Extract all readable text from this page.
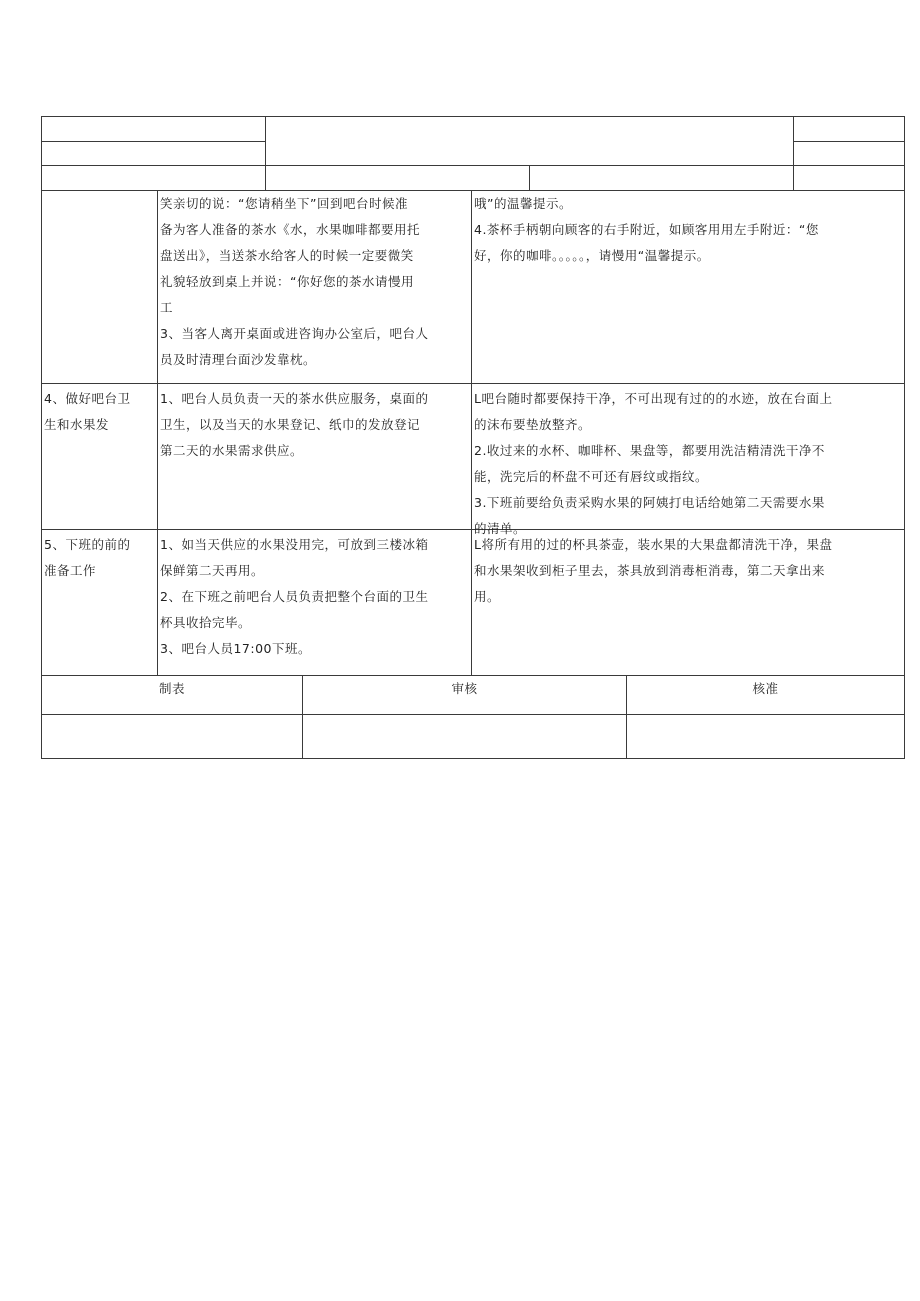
笑亲切的说：“您请稍坐下”回到吧台时候准
备为客人准备的茶水《水，水果咖啡都要用托
盘送出》，当送茶水给客人的时候一定要微笑
礼貌轻放到桌上并说：“你好您的茶水请慢用
工
3、当客人离开桌面或进咨询办公室后，吧台人
员及时清理台面沙发靠枕。
哦”的温馨提示。
4.茶杯手柄朝向顾客的右手附近，如顾客用用左手附近：“您
好，你的咖啡。。。。。，请慢用“温馨提示。
4、做好吧台卫
生和水果发
1、吧台人员负责一天的茶水供应服务，桌面的
卫生，以及当天的水果登记、纸巾的发放登记
第二天的水果需求供应。
L吧台随时都要保持干净，不可出现有过的的水迹，放在台面上
的沫布要垫放整齐。
2.收过来的水杯、咖啡杯、果盘等，都要用洗洁精清洗干净不
能，洗完后的杯盘不可还有唇纹或指纹。
3.下班前要给负责采购水果的阿姨打电话给她第二天需要水果
的清单。
5、下班的前的
准备工作
1、如当天供应的水果没用完，可放到三楼冰箱
保鲜第二天再用。
2、在下班之前吧台人员负责把整个台面的卫生
杯具收拾完毕。
3、吧台人员17:00下班。
L将所有用的过的杯具茶壶，装水果的大果盘都清洗干净，果盘
和水果架收到柜子里去，茶具放到消毒柜消毒，第二天拿出来
用。
制表	审核	核准
